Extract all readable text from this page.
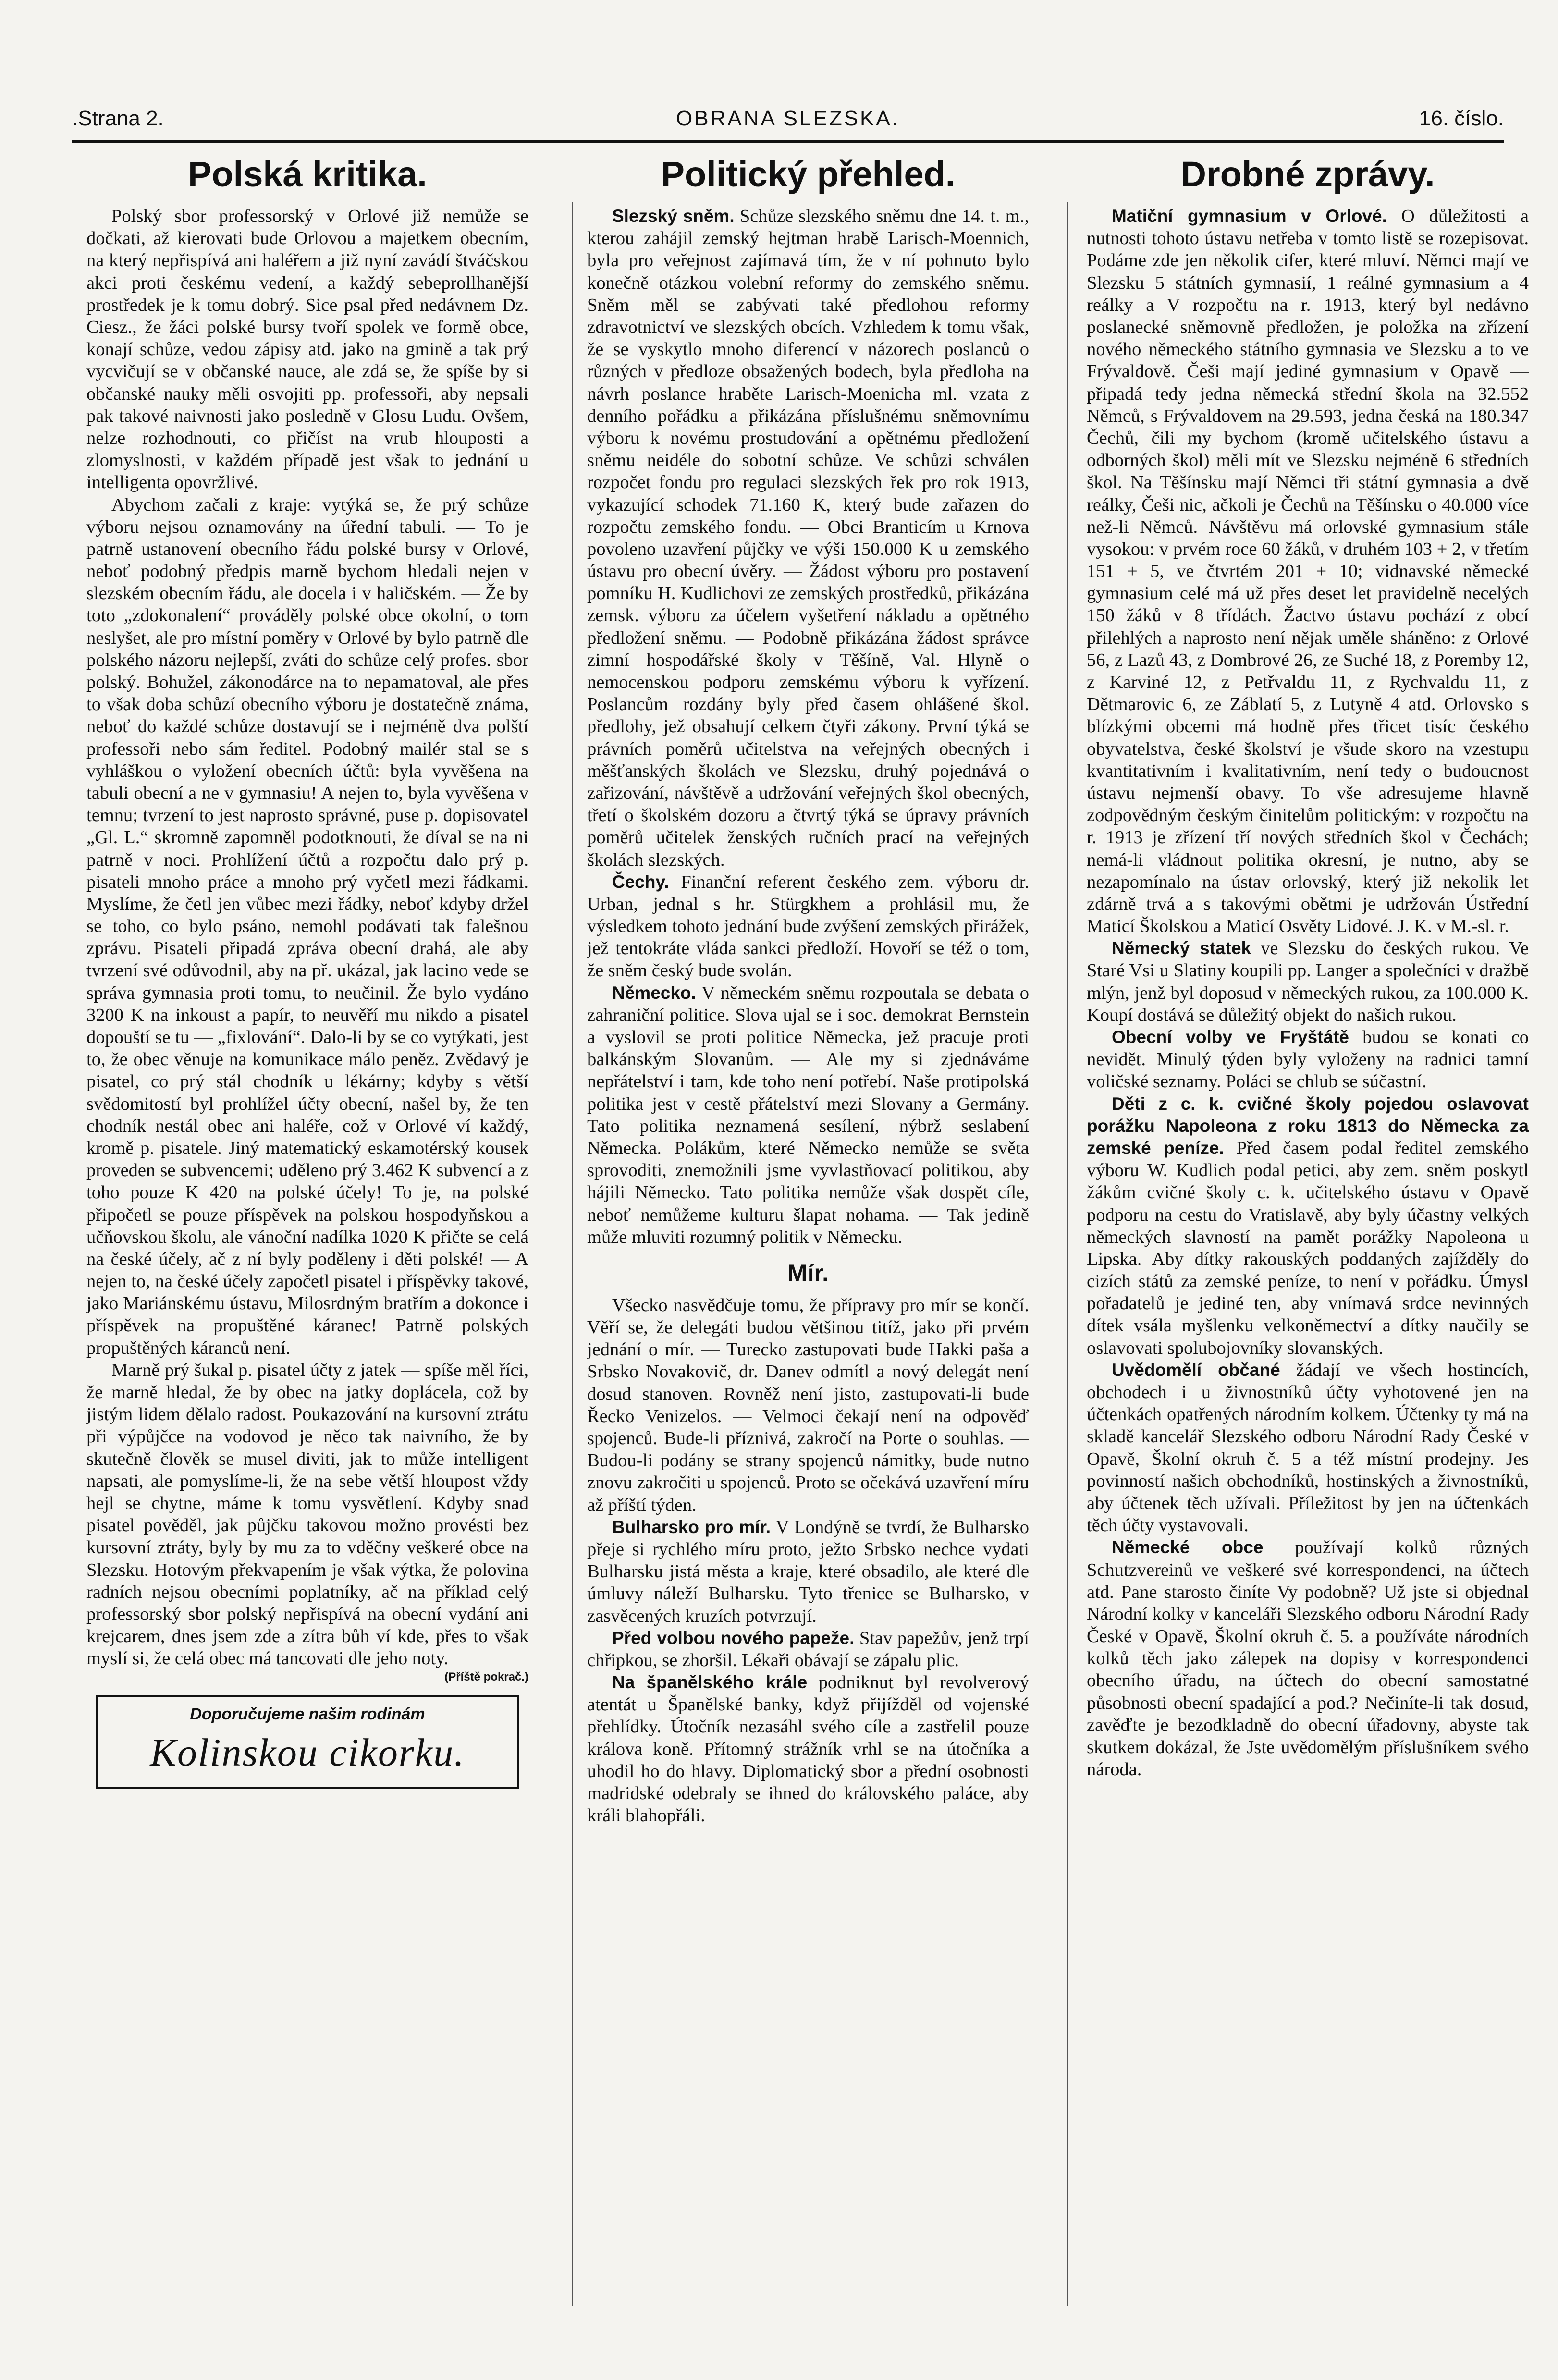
.Strana 2.	OBRANA SLEZSKA.	16. číslo.
Polská kritika.

Polský sbor professorský v Orlové již nemůže se dočkati, až kierovati bude Orlovou a majetkem obecním, na který nepřispívá ani haléřem a již nyní zavádí štváčskou akci proti českému vedení, a každý sebeprollhanější prostředek je k tomu dobrý. Sice psal před nedávnem Dz. Ciesz., že žáci polské bursy tvoří spolek ve formě obce, konají schůze, vedou zápisy atd. jako na gmině a tak prý vycvičují se v občanské nauce, ale zdá se, že spíše by si občanské nauky měli osvojiti pp. professoři, aby nepsali pak takové naivnosti jako poslednĕ v Glosu Ludu. Ovšem, nelze rozhodnouti, co přičíst na vrub hlouposti a zlomyslnosti, v každém případě jest však to jednání u intelligenta opovržlivé.

Abychom začali z kraje: vytýká se, že prý schůze výboru nejsou oznamovány na úřední tabuli. — To je patrně ustanovení obecního řádu polské bursy v Orlové, neboť podobný předpis marně bychom hledali nejen v slezském obecním řádu, ale docela i v haličském. — Že by toto „zdokonalení“ prováděly polské obce okolní, o tom neslyšet, ale pro místní poměry v Orlové by bylo patrně dle polského názoru nejlepší, zváti do schůze celý profes. sbor polský. Bohužel, zákonodárce na to nepamatoval, ale přes to však doba schůzí obecního výboru je dostatečně známa, neboť do každé schůze dostavují se i nejméně dva polští professoři nebo sám ředitel. Podobný mailér stal se s vyhláškou o vyložení obecních účtů: byla vyvěšena na tabuli obecní a ne v gymnasiu! A nejen to, byla vyvěšena v temnu; tvrzení to jest naprosto správné, puse p. dopisovatel „Gl. L.“ skromně zapomněl podotknouti, že díval se na ni patrně v noci. Prohlížení účtů a rozpočtu dalo prý p. pisateli mnoho práce a mnoho prý vyčetl mezi řádkami. Myslíme, že četl jen vůbec mezi řádky, neboť kdyby držel se toho, co bylo psáno, nemohl podávati tak falešnou zprávu. Pisateli připadá zpráva obecní drahá, ale aby tvrzení své odůvodnil, aby na př. ukázal, jak lacino vede se správa gymnasia proti tomu, to neučinil. Že bylo vydáno 3200 K na inkoust a papír, to neuvěří mu nikdo a pisatel dopouští se tu — „fixlování“. Dalo-li by se co vytýkati, jest to, že obec věnuje na komunikace málo peněz. Zvědavý je pisatel, co prý stál chodník u lékárny; kdyby s větší svědomitostí byl prohlížel účty obecní, našel by, že ten chodník nestál obec ani haléře, což v Orlové ví každý, kromě p. pisatele. Jiný matematický eskamotérský kousek proveden se subvencemi; udělenо prý 3.462 K subvencí a z toho pouze K 420 na polské účely! To je, na polské připočetl se pouze příspěvek na polskou hospodyňskou a učňovskou školu, ale vánoční nadílka 1020 K přičte se celá na české účely, ač z ní byly poděleny i děti polské! — A nejen to, na české účely započetl pisatel i příspěvky takové, jako Mariánskému ústavu, Milosrdným bratřím a dokonce i příspěvek na propuštěné káranec! Patrně polských propuštěných káranců není.

Marně prý šukal p. pisatel účty z jatek — spíše měl říci, že marně hledal, že by obec na jatky doplácela, což by jistým lidem dělalo radost. Poukazování na kursovní ztrátu při výpůjčce na vodovod je něco tak naivního, že by skutečně člověk se musel diviti, jak to může intelligent napsati, ale pomyslíme-li, že na sebe větší hloupost vždy hejl se chytne, máme k tomu vysvětlení. Kdyby snad pisatel pověděl, jak půjčku takovou možno provésti bez kursovní ztráty, byly by mu za to vděčny veškeré obce na Slezsku. Hotovým překvapením je však výtka, že polovina radních nejsou obecními poplatníky, ač na příklad celý professorský sbor polský nepřispívá na obecní vydání ani krejcarem, dnes jsem zde a zítra bůh ví kde, přes to však myslí si, že celá obec má tancovati dle jeho noty.

(Příště pokrač.)
Doporučujeme našim rodinám
Kolinskou cikorku.
Politický přehled.

Slezský sněm. Schůze slezského sněmu dne 14. t. m., kterou zahájil zemský hejtman hrabě Larisch-Moennich, byla pro veřejnost zajímavá tím, že v ní pohnuto bylo konečně otázkou volební reformy do zemského sněmu. Sněm měl se zabývati také předlohou reformy zdravotnictví ve slezských obcích. Vzhledem k tomu však, že se vyskytlo mnoho diferencí v názorech poslanců o různých v předloze obsažených bodech, byla předloha na návrh poslance hraběte Larisch-Moenicha ml. vzata z denního pořádku a přikázána příslušnému sněmovnímu výboru k novému prostudování a opětnému předložení sněmu neidéle do sobotní schůze. Ve schůzi schválen rozpočet fondu pro regulaci slezských řek pro rok 1913, vykazující schodek 71.160 K, který bude zařazen do rozpočtu zemského fondu. — Obci Branticím u Krnova povoleno uzavření půjčky ve výši 150.000 K u zemského ústavu pro obecní úvěry. — Žádost výboru pro postavení pomníku H. Kudlichovi ze zemských prostředků, přikázána zemsk. výboru za účelem vyšetření nákladu a opětného předložení sněmu. — Podobně přikázána žádost správce zimní hospodářské školy v Těšíně, Val. Hlyně o nemocenskou podporu zemskému výboru k vyřízení. Poslancům rozdány byly před časem ohlášené škol. předlohy, jež obsahují celkem čtyři zákony. První týká se právních poměrů učitelstva na veřejných obecných i měšťanských školách ve Slezsku, druhý pojednává o zařizování, návštěvě a udržování veřejných škol obecných, třetí o školském dozoru a čtvrtý týká se úpravy právních poměrů učitelek ženských ručních prací na veřejných školách slezských.

Čechy. Finanční referent českého zem. výboru dr. Urban, jednal s hr. Stürgkhem a prohlásil mu, že výsledkem tohoto jednání bude zvýšení zemských přirážek, jež tentokráte vláda sankci předloží. Hovoří se též o tom, že sněm český bude svolán.

Německo. V německém sněmu rozpoutala se debata o zahraniční politice. Slova ujal se i soc. demokrat Bernstein a vyslovil se proti politice Německa, jež pracuje proti balkánským Slovanům. — Ale my si zjednáváme nepřátelství i tam, kde toho není potřebí. Naše protipolská politika jest v cestě přátelství mezi Slovany a Germány. Tato politika neznamená sesílení, nýbrž seslabení Německa. Polákům, které Německo nemůže se světa sprovoditi, znemožnili jsme vyvlastňovací politikou, aby hájili Německo. Tato politika nemůže však dospět cíle, neboť nemůžeme kulturu šlapat nohama. — Tak jedině může mluviti rozumný politik v Německu.

Mír.

Všecko nasvědčuje tomu, že přípravy pro mír se končí. Věří se, že delegáti budou většinou titíž, jako při prvém jednání o mír. — Turecko zastupovati bude Hakki paša a Srbsko Novakovič, dr. Danev odmítl a nový delegát není dosud stanoven. Rovněž není jisto, zastupovati-li bude Řecko Venizelos. — Velmoci čekají není na odpověď spojenců. Bude-li příznivá, zakročí na Porte o souhlas. — Budou-li podány se strany spojenců námitky, bude nutno znovu zakročiti u spojenců. Proto se očekává uzavření míru až příští týden.

Bulharsko pro mír. V Londýně se tvrdí, že Bulharsko přeje si rychlého míru proto, ježto Srbsko nechce vydati Bulharsku jistá města a kraje, které obsadilo, ale které dle úmluvy náleží Bulharsku. Tyto třenice se Bulharsko, v zasvěcených kruzích potvrzují.

Před volbou nového papeže. Stav papežův, jenž trpí chřipkou, se zhoršil. Lékaři obávají se zápalu plic.

Na španělského krále podniknut byl revolverový atentát u Španělské banky, když přijížděl od vojenské přehlídky. Útočník nezasáhl svého cíle a zastřelil pouze králova koně. Přítomný strážník vrhl se na útočníka a uhodil ho do hlavy. Diplomatický sbor a přední osobnosti madridské odebraly se ihned do královského paláce, aby králi blahopřáli.

Drobné zprávy.

Matiční gymnasium v Orlové. O důležitosti a nutnosti tohoto ústavu netřeba v tomto listě se rozepisovat. Podáme zde jen několik cifer, které mluví. Němci mají ve Slezsku 5 státních gymnasií, 1 reálné gymnasium a 4 reálky a V rozpočtu na r. 1913, který byl nedávno poslanecké sněmovně předložen, je položka na zřízení nového německého státního gymnasia ve Slezsku a to ve Frývaldově. Češi mají jediné gymnasium v Opavě — připadá tedy jedna německá střední škola na 32.552 Němců, s Frývaldovem na 29.593, jedna česká na 180.347 Čechů, čili my bychom (kromě učitelského ústavu a odborných škol) měli mít ve Slezsku nejméně 6 středních škol. Na Těšínsku mají Němci tři státní gymnasia a dvě reálky, Češi nic, ačkoli je Čechů na Těšínsku o 40.000 více než-li Němců. Návštěvu má orlovské gymnasium stále vysokou: v prvém roce 60 žáků, v druhém 103 + 2, v třetím 151 + 5, ve čtvrtém 201 + 10; vidnavské německé gymnasium celé má už přes deset let pravidelně necelých 150 žáků v 8 třídách. Žactvo ústavu pochází z obcí přilehlých a naprosto není nějak uměle sháněno: z Orlové 56, z Lazů 43, z Dombrové 26, ze Suché 18, z Poremby 12, z Karviné 12, z Petřvaldu 11, z Rychvaldu 11, z Dětmarovic 6, ze Záblatí 5, z Lutyně 4 atd. Orlovsko s blízkými obcemi má hodně přes třicet tisíc českého obyvatelstva, české školství je všude skoro na vzestupu kvantitativním i kvalitativním, není tedy o budoucnost ústavu nejmenší obavy. To vše adresujeme hlavně zodpovědným českým činitelům politickým: v rozpočtu na r. 1913 je zřízení tří nových středních škol v Čechách; nemá-li vládnout politika okresní, je nutno, aby se nezapomínalo na ústav orlovský, který již nekolik let zdárně trvá a s takovými obětmi je udržován Ústřední Maticí Školskou a Maticí Osvěty Lidové. J. K. v M.-sl. r.

Německý statek ve Slezsku do českých rukou. Ve Staré Vsi u Slatiny koupili pp. Langer a společníci v dražbě mlýn, jenž byl doposud v německých rukou, za 100.000 K. Koupí dostává se důležitý objekt do našich rukou.

Obecní volby ve Fryštátě budou se konati co nevidět. Minulý týden byly vyloženy na radnici tamní voličské seznamy. Poláci se chlub se súčastní.

Děti z c. k. cvičné školy pojedou oslavovat porážku Napoleona z roku 1813 do Německa za zemské peníze. Před časem podal ředitel zemského výboru W. Kudlich podal petici, aby zem. sněm poskytl žákům cvičné školy c. k. učitelského ústavu v Opavě podporu na cestu do Vratislavě, aby byly účastny velkých německých slavností na pamět porážky Napoleona u Lipska. Aby dítky rakouských poddaných zajížděly do cizích států za zemské peníze, to není v pořádku. Úmysl pořadatelů je jediné ten, aby vnímavá srdce nevinných dítek vsála myšlenku velkoněmectví a dítky naučily se oslavovati spolubojovníky slovanských.

Uvědomělí občané žádají ve všech hostincích, obchodech i u živnostníků účty vyhotovené jen na účtenkách opatřených národním kolkem. Účtenky ty má na skladě kancelář Slezského odboru Národní Rady České v Opavě, Školní okruh č. 5 a též místní prodejny. Jes povinností našich obchodníků, hostinských a živnostníků, aby účtenek těch užívali. Příležitost by jen na účtenkách těch účty vystavovali.

Německé obce používají kolků různých Schutzvereinů ve veškeré své korrespondenci, na účtech atd. Pane starosto činíte Vy podobně? Už jste si objednal Národní kolky v kanceláři Slezského odboru Národní Rady České v Opavě, Školní okruh č. 5. a používáte národních kolků těch jako zálepek na dopisy v korrespondenci obecního úřadu, na účtech do obecní samostatné působnosti obecní spadající a pod.? Nečiníte-li tak dosud, zavěďte je bezodkladně do obecní úřadovny, abyste tak skutkem dokázal, že Jste uvědomělým příslušníkem svého národa.
